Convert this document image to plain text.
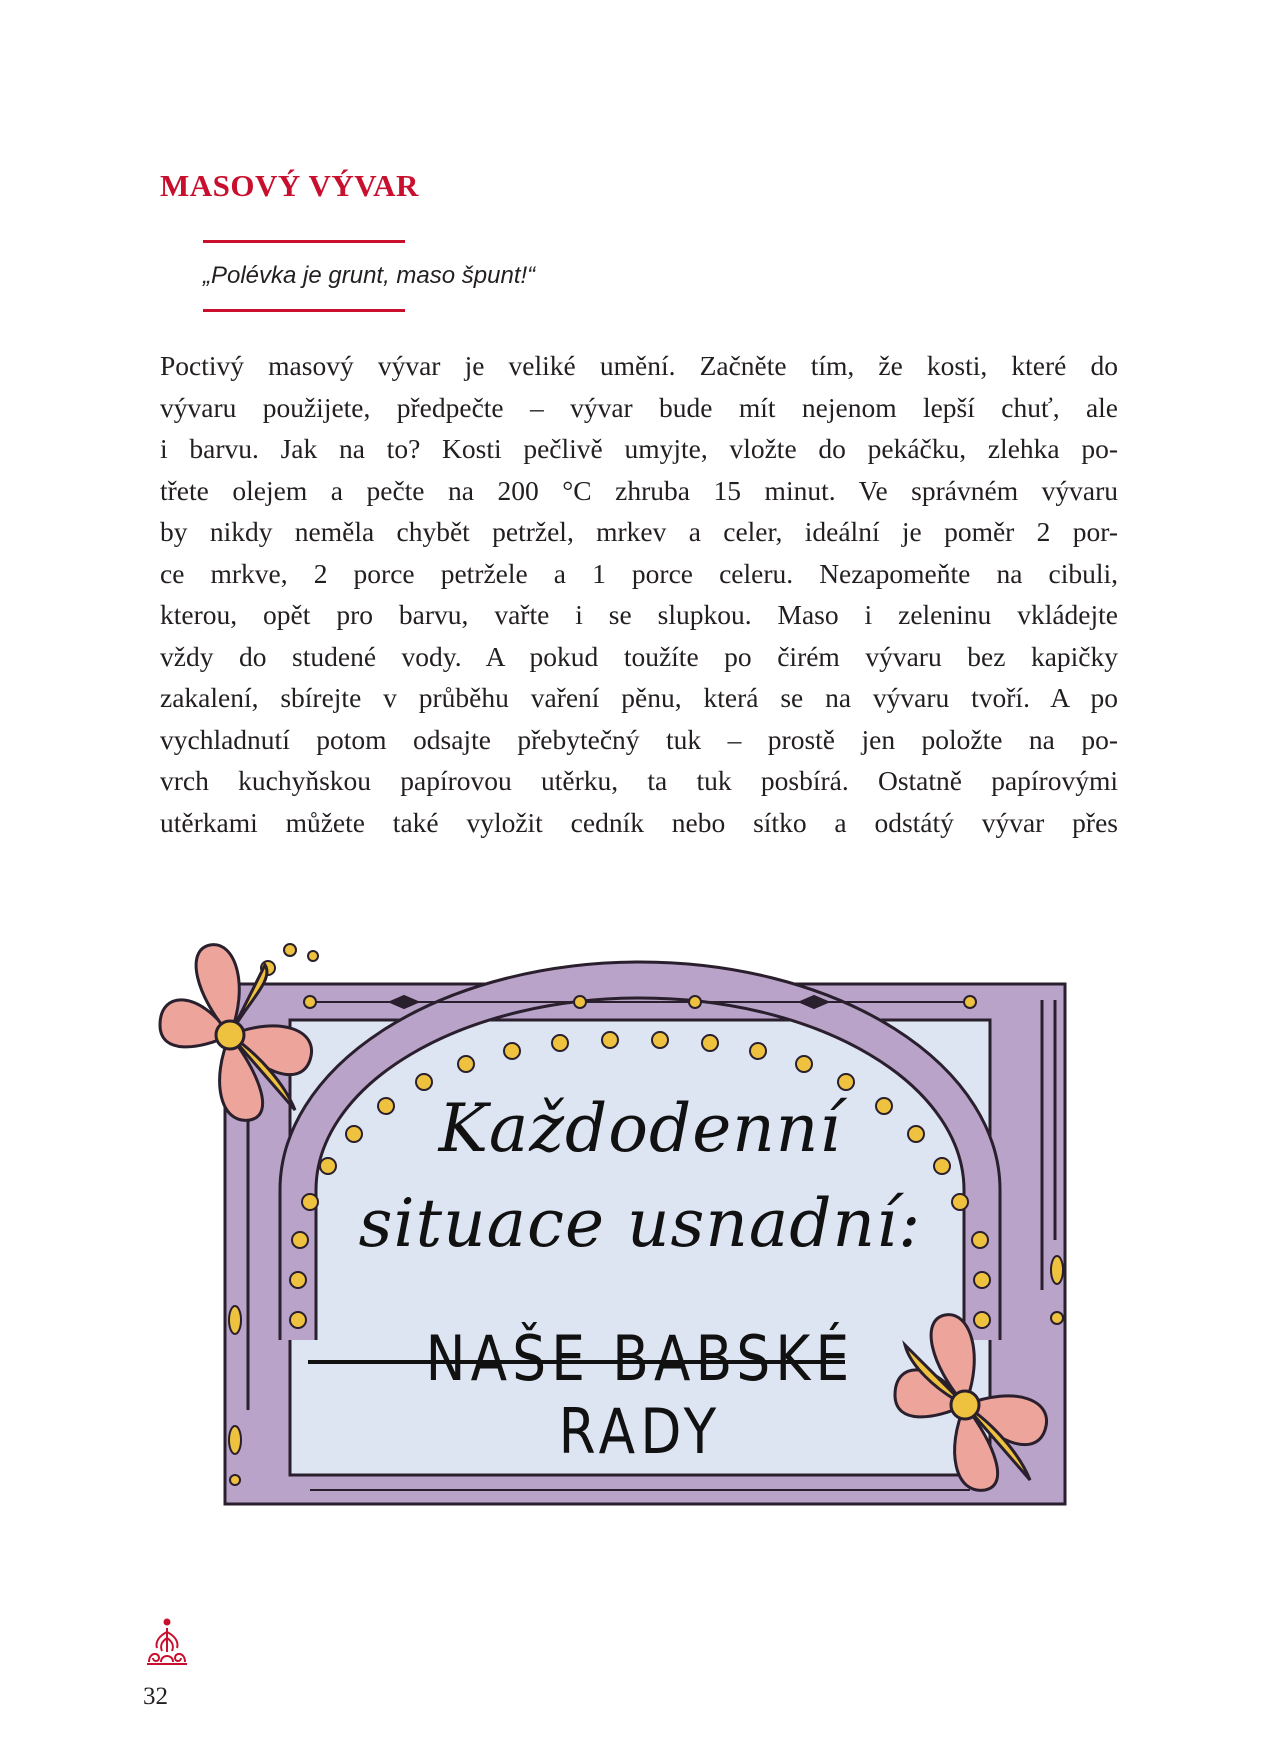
MASOVÝ VÝVAR

„Polévka je grunt, maso špunt!“

Poctivý masový vývar je veliké umění. Začněte tím, že kosti, které do
vývaru použijete, předpečte – vývar bude mít nejenom lepší chuť, ale
i barvu. Jak na to? Kosti pečlivě umyjte, vložte do pekáčku, zlehka po-
třete olejem a pečte na 200 °C zhruba 15 minut. Ve správném vývaru
by nikdy neměla chybět petržel, mrkev a celer, ideální je poměr 2 por-
ce mrkve, 2 porce petržele a 1 porce celeru. Nezapomeňte na cibuli,
kterou, opět pro barvu, vařte i se slupkou. Maso i zeleninu vkládejte
vždy do studené vody. A pokud toužíte po čirém vývaru bez kapičky
zakalení, sbírejte v průběhu vaření pěnu, která se na vývaru tvoří. A po
vychladnutí potom odsajte přebytečný tuk – prostě jen položte na po-
vrch kuchyňskou papírovou utěrku, ta tuk posbírá. Ostatně papírovými
utěrkami můžete také vyložit cedník nebo sítko a odstátý vývar přes

Každodenní

situace usnadní:

NAŠE BABSKÉ RADY

32
